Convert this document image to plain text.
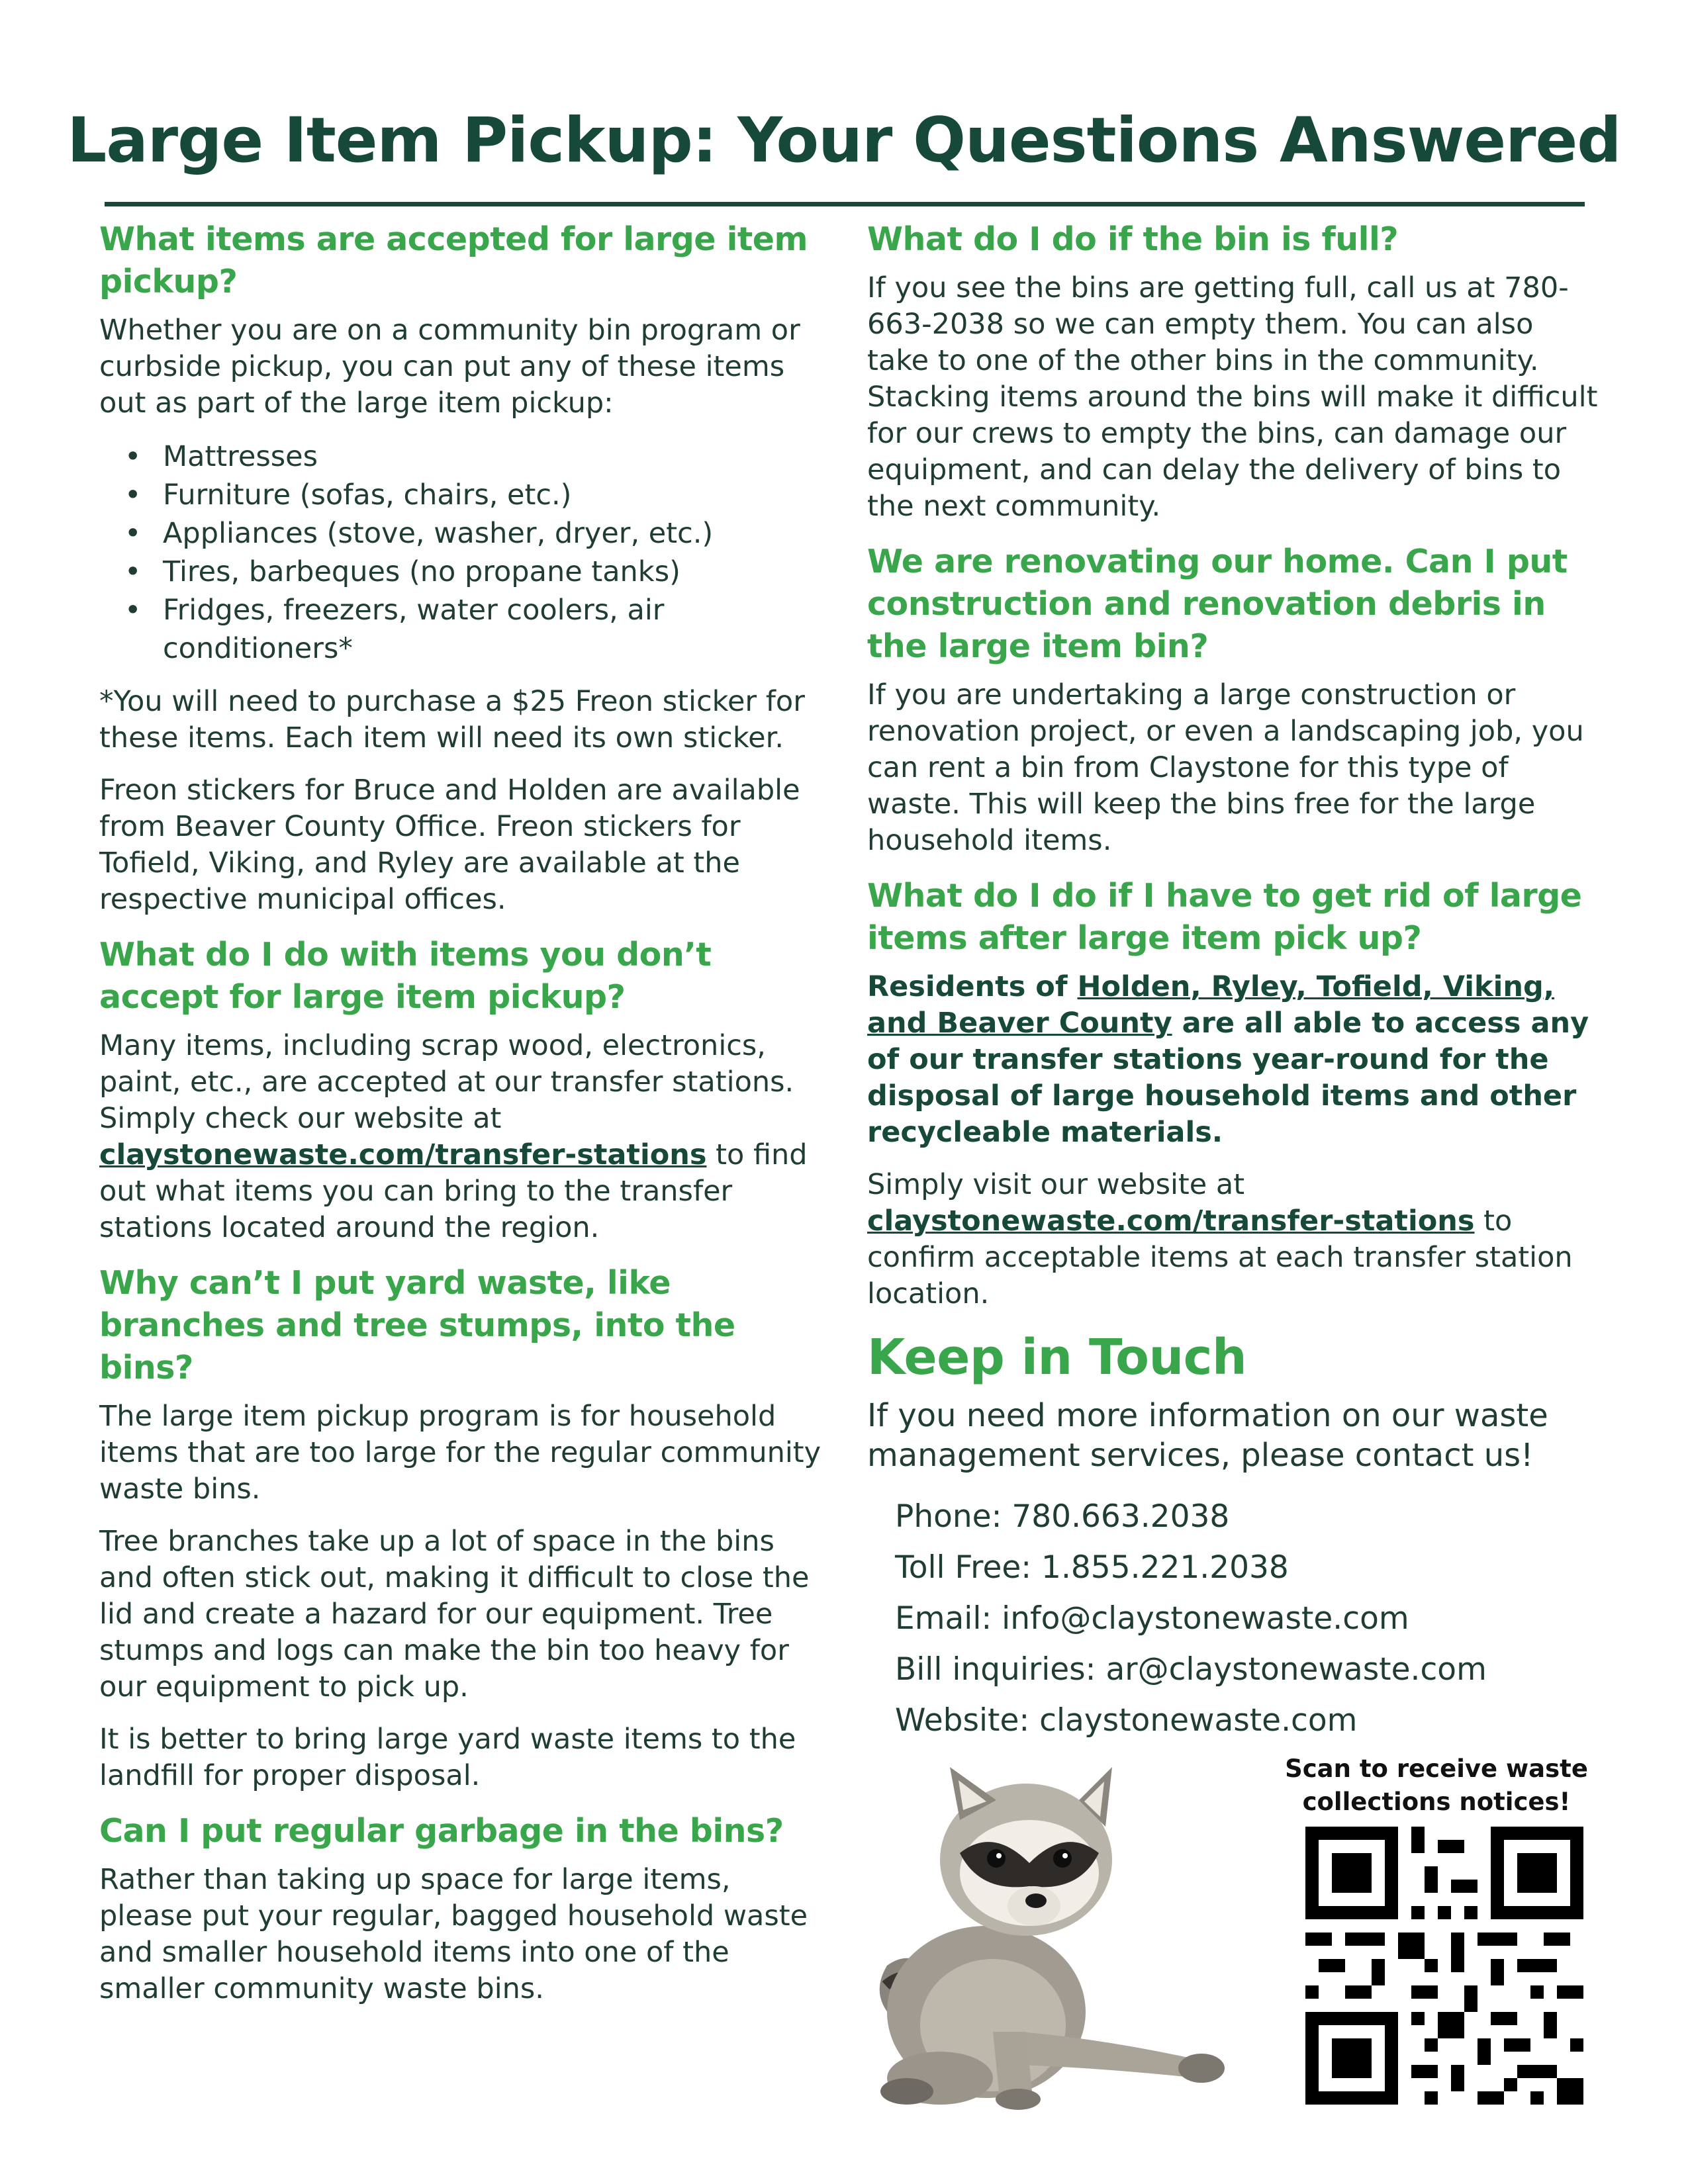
Large Item Pickup: Your Questions Answered
What items are accepted for large item pickup?

Whether you are on a community bin program or curbside pickup, you can put any of these items out as part of the large item pickup:

• Mattresses
• Furniture (sofas, chairs, etc.)
• Appliances (stove, washer, dryer, etc.)
• Tires, barbeques (no propane tanks)
• Fridges, freezers, water coolers, air conditioners*

*You will need to purchase a $25 Freon sticker for these items. Each item will need its own sticker.

Freon stickers for Bruce and Holden are available from Beaver County Office. Freon stickers for Tofield, Viking, and Ryley are available at the respective municipal offices.

What do I do with items you don’t accept for large item pickup?

Many items, including scrap wood, electronics, paint, etc., are accepted at our transfer stations. Simply check our website at claystonewaste.com/transfer-stations to find out what items you can bring to the transfer stations located around the region.

Why can’t I put yard waste, like branches and tree stumps, into the bins?

The large item pickup program is for household items that are too large for the regular community waste bins.

Tree branches take up a lot of space in the bins and often stick out, making it difficult to close the lid and create a hazard for our equipment. Tree stumps and logs can make the bin too heavy for our equipment to pick up.

It is better to bring large yard waste items to the landfill for proper disposal.

Can I put regular garbage in the bins?

Rather than taking up space for large items, please put your regular, bagged household waste and smaller household items into one of the smaller community waste bins.

What do I do if the bin is full?

If you see the bins are getting full, call us at 780-663-2038 so we can empty them. You can also take to one of the other bins in the community. Stacking items around the bins will make it difficult for our crews to empty the bins, can damage our equipment, and can delay the delivery of bins to the next community.

We are renovating our home. Can I put construction and renovation debris in the large item bin?

If you are undertaking a large construction or renovation project, or even a landscaping job, you can rent a bin from Claystone for this type of waste. This will keep the bins free for the large household items.

What do I do if I have to get rid of large items after large item pick up?

Residents of Holden, Ryley, Tofield, Viking, and Beaver County are all able to access any of our transfer stations year-round for the disposal of large household items and other recycleable materials.

Simply visit our website at claystonewaste.com/transfer-stations to confirm acceptable items at each transfer station location.

Keep in Touch

If you need more information on our waste management services, please contact us!

Phone: 780.663.2038
Toll Free: 1.855.221.2038
Email: info@claystonewaste.com
Bill inquiries: ar@claystonewaste.com
Website: claystonewaste.com
Scan to receive waste collections notices!
